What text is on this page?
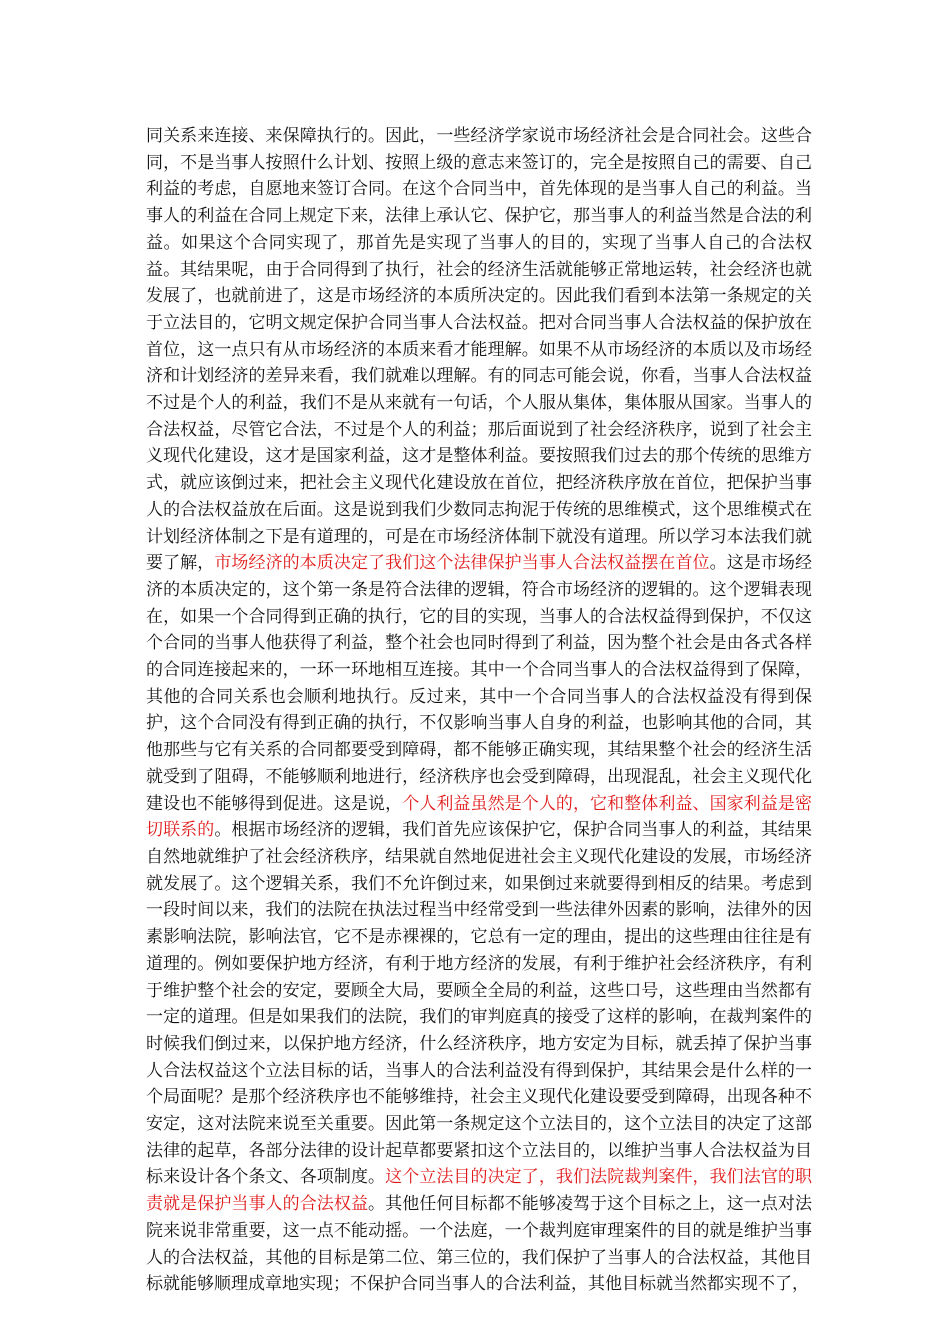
同关系来连接、来保障执行的。因此，一些经济学家说市场经济社会是合同社会。这些合同，不是当事人按照什么计划、按照上级的意志来签订的，完全是按照自己的需要、自己利益的考虑，自愿地来签订合同。在这个合同当中，首先体现的是当事人自己的利益。当事人的利益在合同上规定下来，法律上承认它、保护它，那当事人的利益当然是合法的利益。如果这个合同实现了，那首先是实现了当事人的目的，实现了当事人自己的合法权益。其结果呢，由于合同得到了执行，社会的经济生活就能够正常地运转，社会经济也就发展了，也就前进了，这是市场经济的本质所决定的。因此我们看到本法第一条规定的关于立法目的，它明文规定保护合同当事人合法权益。把对合同当事人合法权益的保护放在首位，这一点只有从市场经济的本质来看才能理解。如果不从市场经济的本质以及市场经济和计划经济的差异来看，我们就难以理解。有的同志可能会说，你看，当事人合法权益不过是个人的利益，我们不是从来就有一句话，个人服从集体，集体服从国家。当事人的合法权益，尽管它合法，不过是个人的利益；那后面说到了社会经济秩序，说到了社会主义现代化建设，这才是国家利益，这才是整体利益。要按照我们过去的那个传统的思维方式，就应该倒过来，把社会主义现代化建设放在首位，把经济秩序放在首位，把保护当事人的合法权益放在后面。这是说到我们少数同志拘泥于传统的思维模式，这个思维模式在计划经济体制之下是有道理的，可是在市场经济体制下就没有道理。所以学习本法我们就要了解，市场经济的本质决定了我们这个法律保护当事人合法权益摆在首位。这是市场经济的本质决定的，这个第一条是符合法律的逻辑，符合市场经济的逻辑的。这个逻辑表现在，如果一个合同得到正确的执行，它的目的实现，当事人的合法权益得到保护，不仅这个合同的当事人他获得了利益，整个社会也同时得到了利益，因为整个社会是由各式各样的合同连接起来的，一环一环地相互连接。其中一个合同当事人的合法权益得到了保障，其他的合同关系也会顺利地执行。反过来，其中一个合同当事人的合法权益没有得到保护，这个合同没有得到正确的执行，不仅影响当事人自身的利益，也影响其他的合同，其他那些与它有关系的合同都要受到障碍，都不能够正确实现，其结果整个社会的经济生活就受到了阻碍，不能够顺利地进行，经济秩序也会受到障碍，出现混乱，社会主义现代化建设也不能够得到促进。这是说，个人利益虽然是个人的，它和整体利益、国家利益是密切联系的。根据市场经济的逻辑，我们首先应该保护它，保护合同当事人的利益，其结果自然地就维护了社会经济秩序，结果就自然地促进社会主义现代化建设的发展，市场经济就发展了。这个逻辑关系，我们不允许倒过来，如果倒过来就要得到相反的结果。考虑到一段时间以来，我们的法院在执法过程当中经常受到一些法律外因素的影响，法律外的因素影响法院，影响法官，它不是赤裸裸的，它总有一定的理由，提出的这些理由往往是有道理的。例如要保护地方经济，有利于地方经济的发展，有利于维护社会经济秩序，有利于维护整个社会的安定，要顾全大局，要顾全全局的利益，这些口号，这些理由当然都有一定的道理。但是如果我们的法院，我们的审判庭真的接受了这样的影响，在裁判案件的时候我们倒过来，以保护地方经济，什么经济秩序，地方安定为目标，就丢掉了保护当事人合法权益这个立法目标的话，当事人的合法利益没有得到保护，其结果会是什么样的一个局面呢？是那个经济秩序也不能够维持，社会主义现代化建设要受到障碍，出现各种不安定，这对法院来说至关重要。因此第一条规定这个立法目的，这个立法目的决定了这部法律的起草，各部分法律的设计起草都要紧扣这个立法目的，以维护当事人合法权益为目标来设计各个条文、各项制度。这个立法目的决定了，我们法院裁判案件，我们法官的职责就是保护当事人的合法权益。其他任何目标都不能够凌驾于这个目标之上，这一点对法院来说非常重要，这一点不能动摇。一个法庭，一个裁判庭审理案件的目的就是维护当事人的合法权益，其他的目标是第二位、第三位的，我们保护了当事人的合法权益，其他目标就能够顺理成章地实现；不保护合同当事人的合法利益，其他目标就当然都实现不了，
